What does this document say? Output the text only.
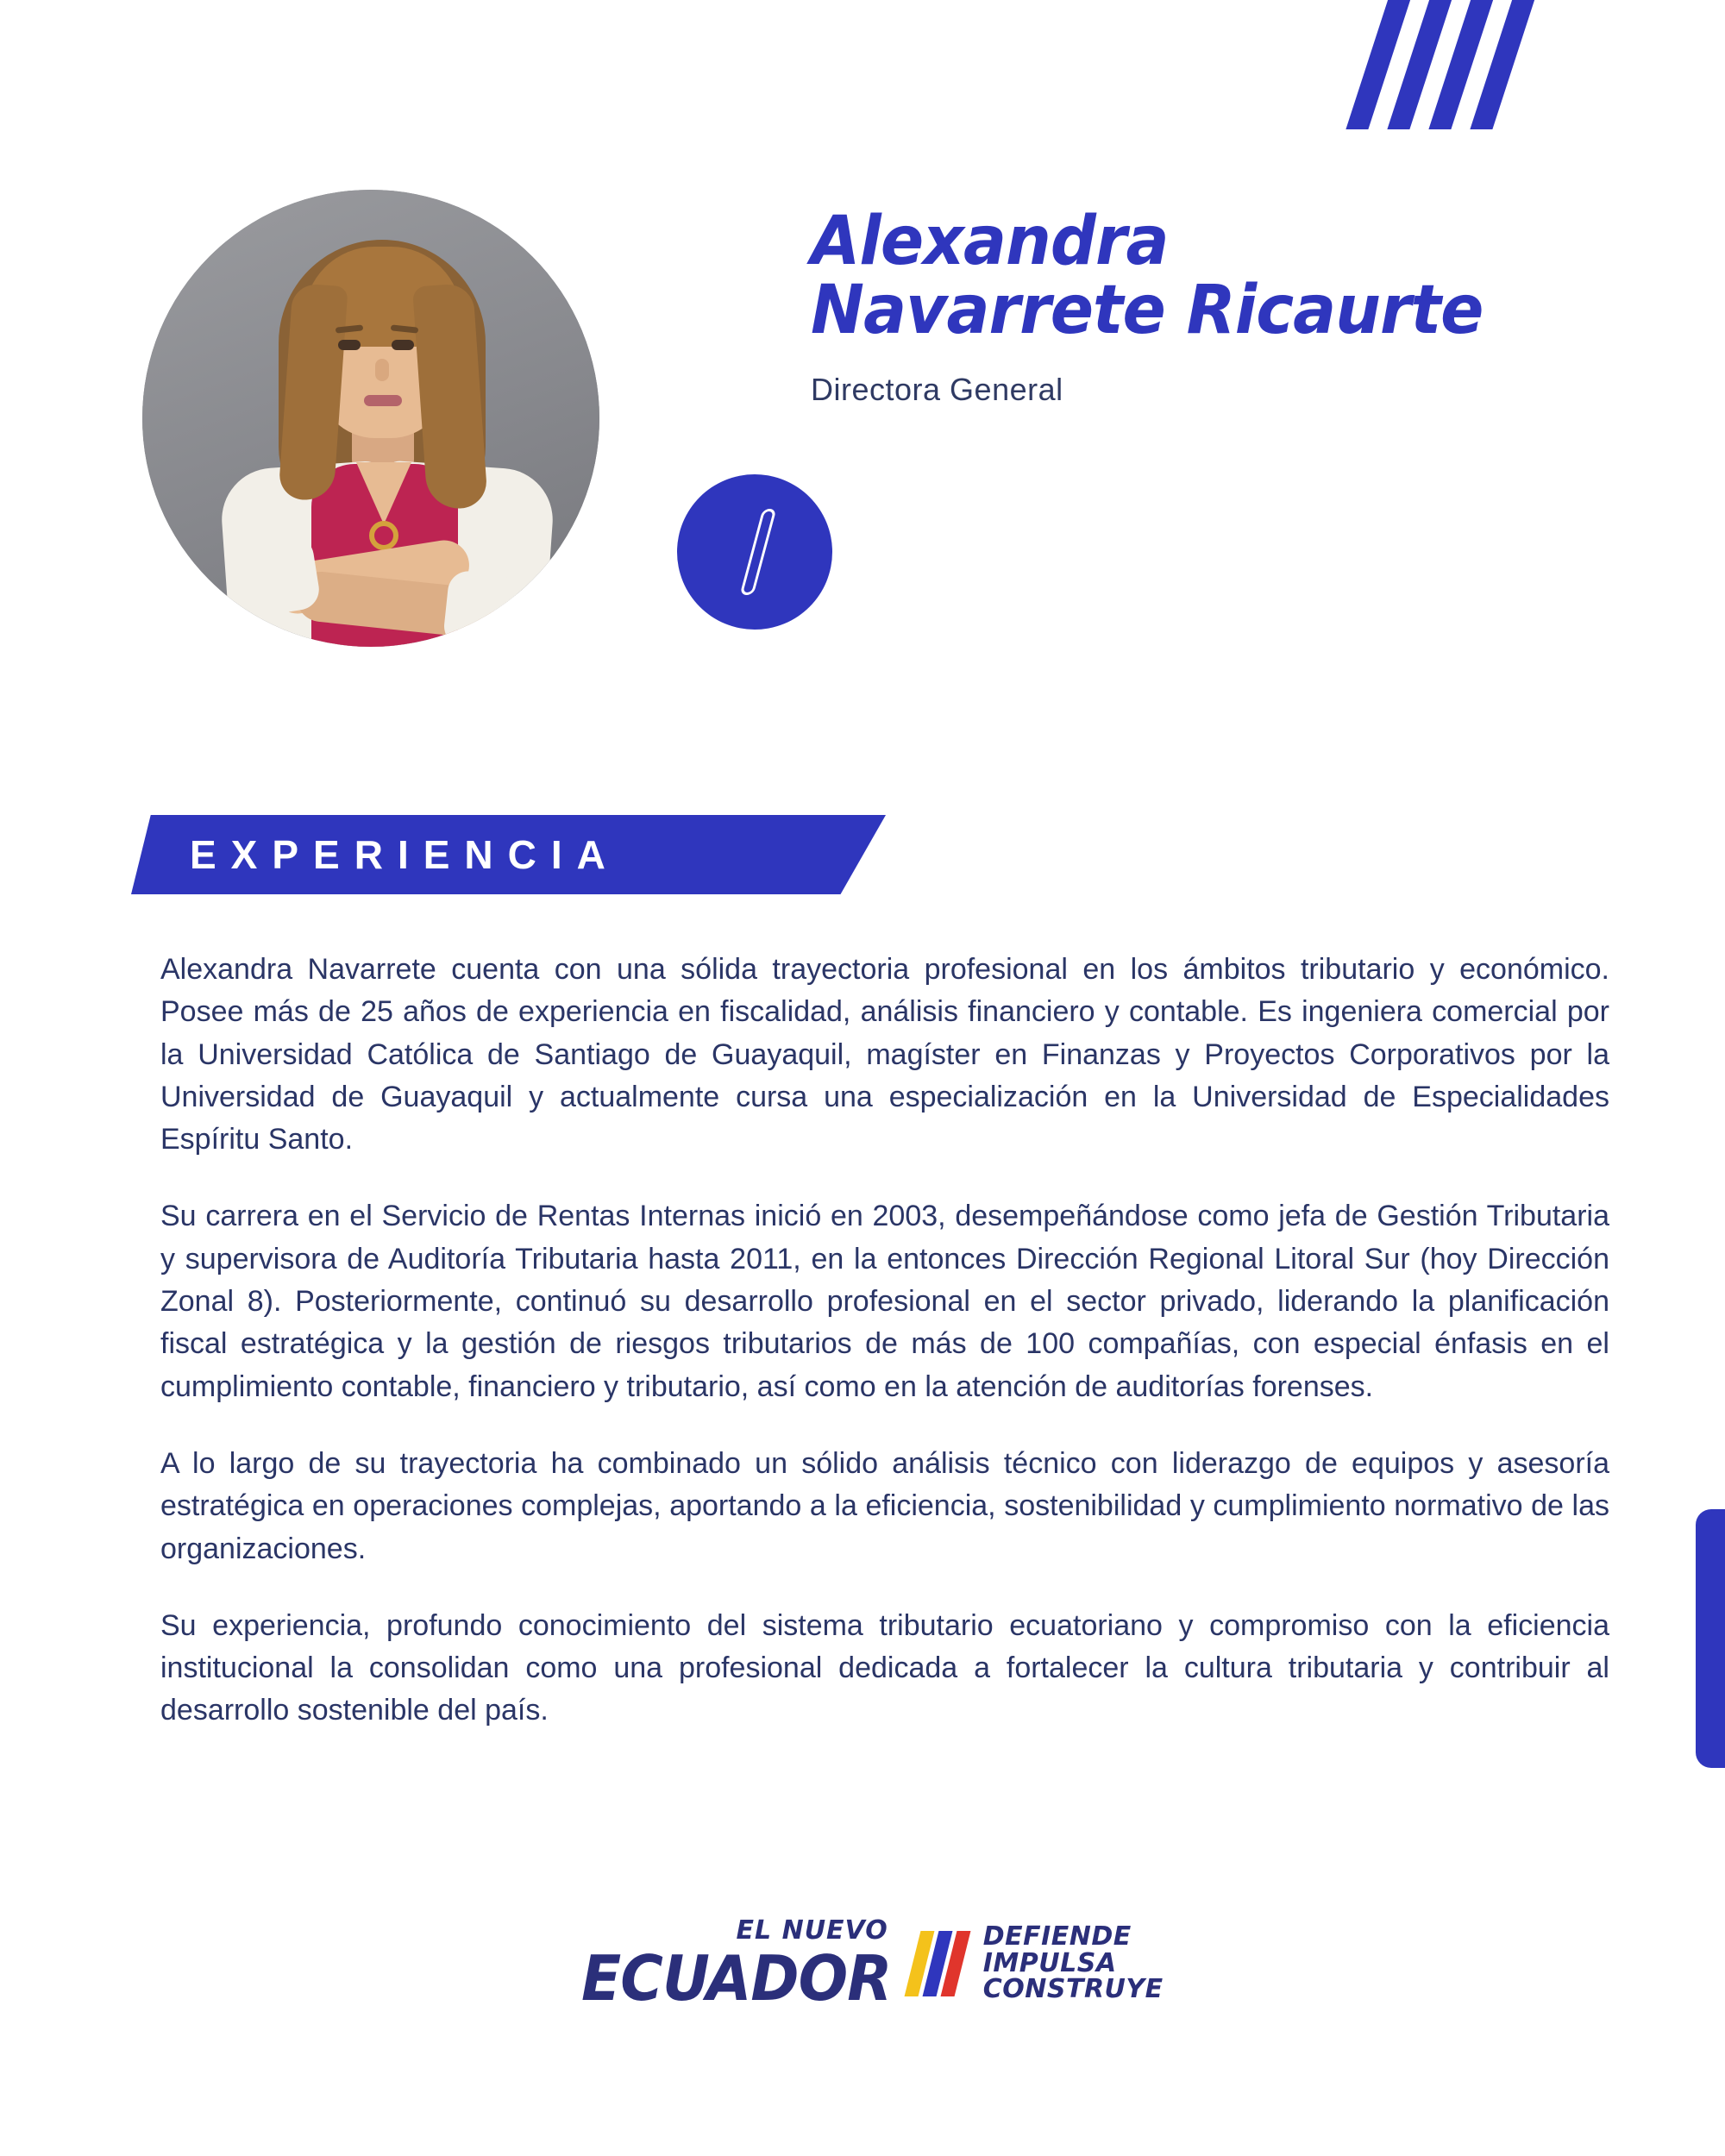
Alexandra
Navarrete Ricaurte
Directora General
EXPERIENCIA

Alexandra Navarrete cuenta con una sólida trayectoria profesional en los ámbitos tributario y económico. Posee más de 25 años de experiencia en fiscalidad, análisis financiero y contable. Es ingeniera comercial por la Universidad Católica de Santiago de Guayaquil, magíster en Finanzas y Proyectos Corporativos por la Universidad de Guayaquil y actualmente cursa una especialización en la Universidad de Especialidades Espíritu Santo.

Su carrera en el Servicio de Rentas Internas inició en 2003, desempeñándose como jefa de Gestión Tributaria y supervisora de Auditoría Tributaria hasta 2011, en la entonces Dirección Regional Litoral Sur (hoy Dirección Zonal 8). Posteriormente, continuó su desarrollo profesional en el sector privado, liderando la planificación fiscal estratégica y la gestión de riesgos tributarios de más de 100 compañías, con especial énfasis en el cumplimiento contable, financiero y tributario, así como en la atención de auditorías forenses.

A lo largo de su trayectoria ha combinado un sólido análisis técnico con liderazgo de equipos y asesoría estratégica en operaciones complejas, aportando a la eficiencia, sostenibilidad y cumplimiento normativo de las organizaciones.

Su experiencia, profundo conocimiento del sistema tributario ecuatoriano y compromiso con la eficiencia institucional la consolidan como una profesional dedicada a fortalecer la cultura tributaria y contribuir al desarrollo sostenible del país.

EL NUEVO
ECUADOR
DEFIENDE
IMPULSA
CONSTRUYE
